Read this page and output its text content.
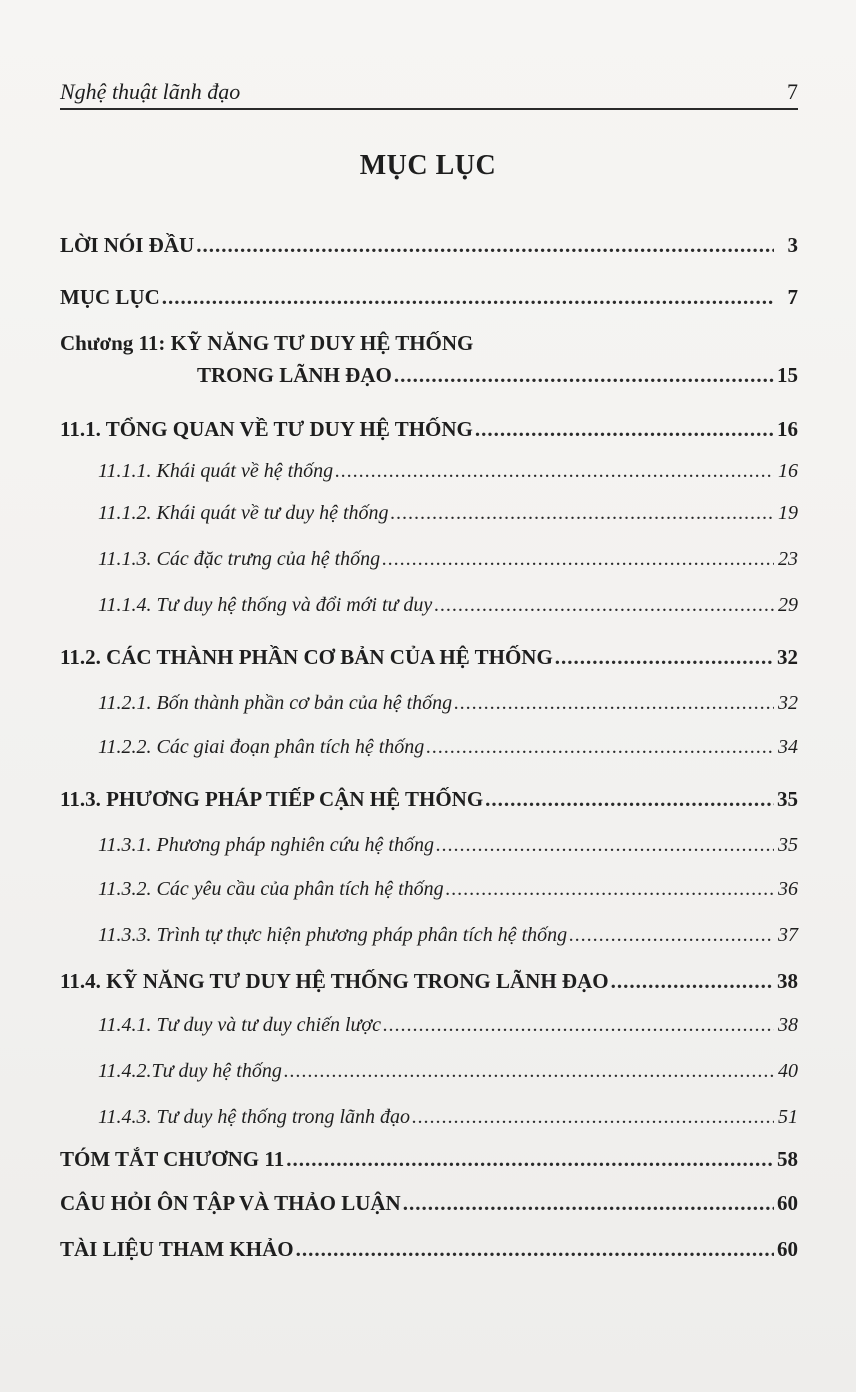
Nghệ thuật lãnh đạo	7
MỤC LỤC
LỜI NÓI ĐẦU .....	3
MỤC LỤC .....	7
Chương 11: KỸ NĂNG TƯ DUY HỆ THỐNG
TRONG LÃNH ĐẠO .....	15
11.1. TỔNG QUAN VỀ TƯ DUY HỆ THỐNG .....	16
11.1.1. Khái quát về hệ thống .....	16
11.1.2. Khái quát về tư duy hệ thống .....	19
11.1.3. Các đặc trưng của hệ thống .....	23
11.1.4. Tư duy hệ thống và đổi mới tư duy .....	29
11.2. CÁC THÀNH PHẦN CƠ BẢN CỦA HỆ THỐNG .....	32
11.2.1. Bốn thành phần cơ bản của hệ thống .....	32
11.2.2. Các giai đoạn phân tích hệ thống .....	34
11.3. PHƯƠNG PHÁP TIẾP CẬN HỆ THỐNG .....	35
11.3.1. Phương pháp nghiên cứu hệ thống .....	35
11.3.2. Các yêu cầu của phân tích hệ thống .....	36
11.3.3. Trình tự thực hiện phương pháp phân tích hệ thống .....	37
11.4. KỸ NĂNG TƯ DUY HỆ THỐNG TRONG LÃNH ĐẠO .....	38
11.4.1. Tư duy và tư duy chiến lược .....	38
11.4.2.Tư duy hệ thống .....	40
11.4.3. Tư duy hệ thống trong lãnh đạo .....	51
TÓM TẮT CHƯƠNG 11 .....	58
CÂU HỎI ÔN TẬP VÀ THẢO LUẬN .....	60
TÀI LIỆU THAM KHẢO .....	60
